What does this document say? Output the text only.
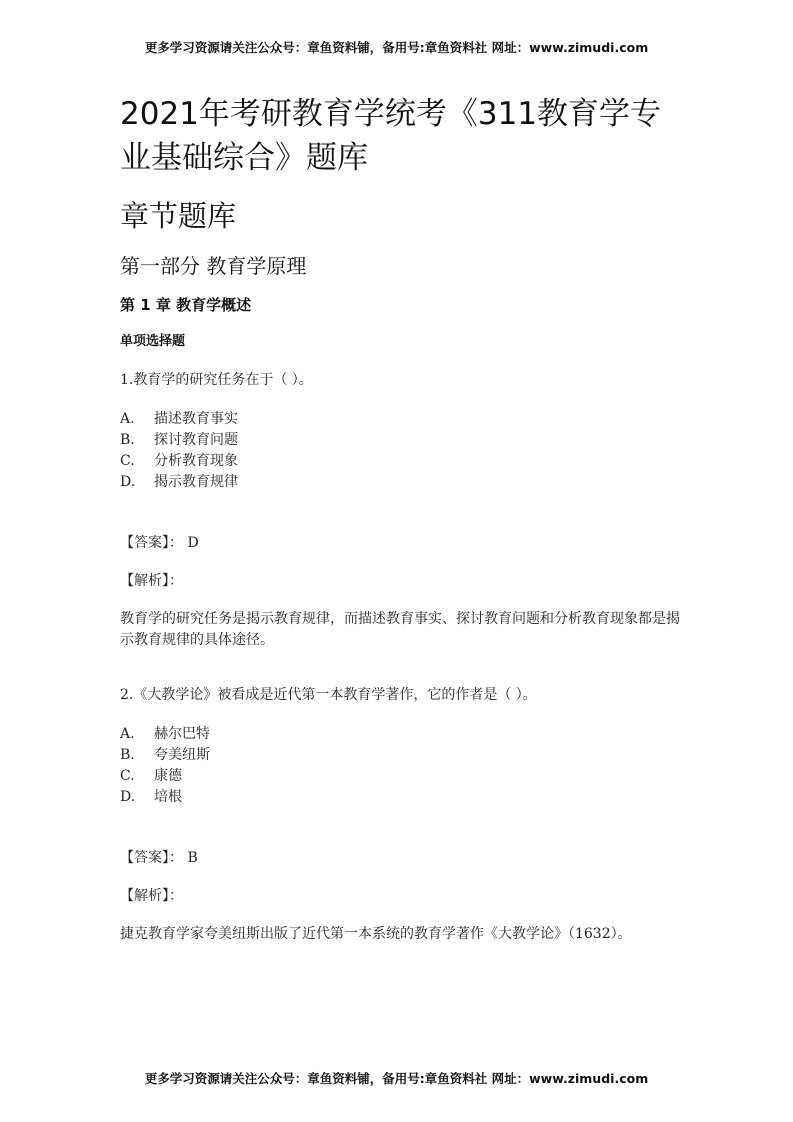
更多学习资源请关注公众号：章鱼资料铺，备用号:章鱼资料社 网址：www.zimudi.com
2021年考研教育学统考《311教育学专业基础综合》题库
章节题库
第一部分 教育学原理
第 1 章 教育学概述
单项选择题
1.教育学的研究任务在于（ ）。
A.	描述教育事实
B.	探讨教育问题
C.	分析教育现象
D.	揭示教育规律
【答案】： D
【解析】：
教育学的研究任务是揭示教育规律，而描述教育事实、探讨教育问题和分析教育现象都是揭示教育规律的具体途径。
2.《大教学论》被看成是近代第一本教育学著作，它的作者是（ ）。
A.	赫尔巴特
B.	夸美纽斯
C.	康德
D.	培根
【答案】： B
【解析】：
捷克教育学家夸美纽斯出版了近代第一本系统的教育学著作《大教学论》（1632）。
更多学习资源请关注公众号：章鱼资料铺，备用号:章鱼资料社 网址：www.zimudi.com
